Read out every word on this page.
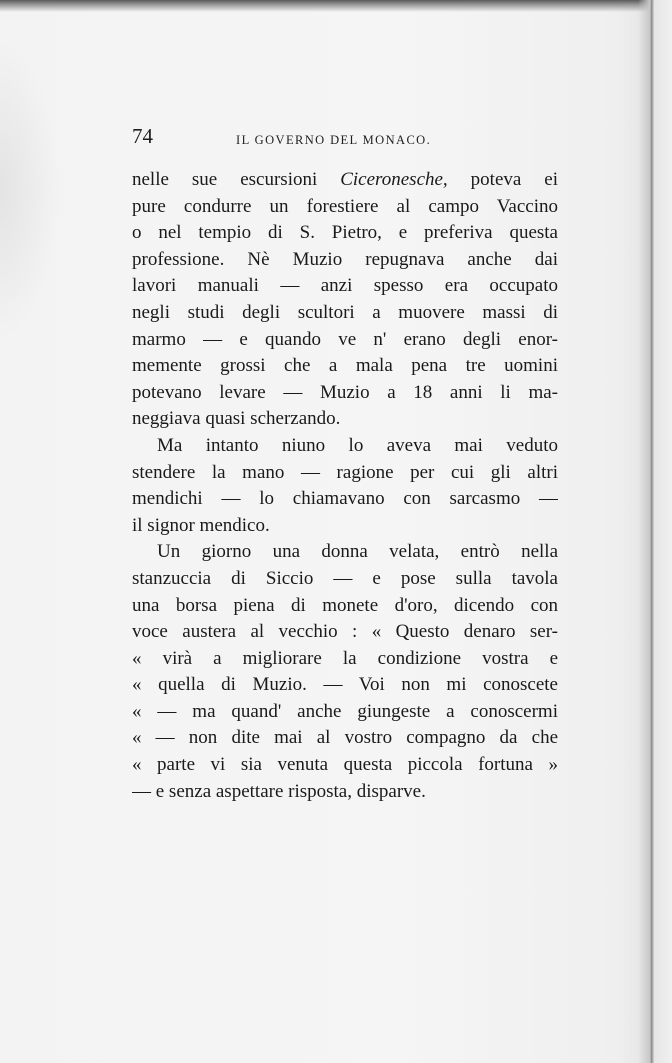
74	IL GOVERNO DEL MONACO.
nelle sue escursioni Ciceronesche, poteva ei
pure condurre un forestiere al campo Vaccino
o nel tempio di S. Pietro, e preferiva questa
professione. Nè Muzio repugnava anche dai
lavori manuali — anzi spesso era occupato
negli studi degli scultori a muovere massi di
marmo — e quando ve n' erano degli enor-
memente grossi che a mala pena tre uomini
potevano levare — Muzio a 18 anni li ma-
neggiava quasi scherzando.
Ma intanto niuno lo aveva mai veduto
stendere la mano — ragione per cui gli altri
mendichi — lo chiamavano con sarcasmo —
il signor mendico.
Un giorno una donna velata, entrò nella
stanzuccia di Siccio — e pose sulla tavola
una borsa piena di monete d'oro, dicendo con
voce austera al vecchio : « Questo denaro ser-
« virà a migliorare la condizione vostra e
« quella di Muzio. — Voi non mi conoscete
« — ma quand' anche giungeste a conoscermi
« — non dite mai al vostro compagno da che
« parte vi sia venuta questa piccola fortuna »
— e senza aspettare risposta, disparve.
